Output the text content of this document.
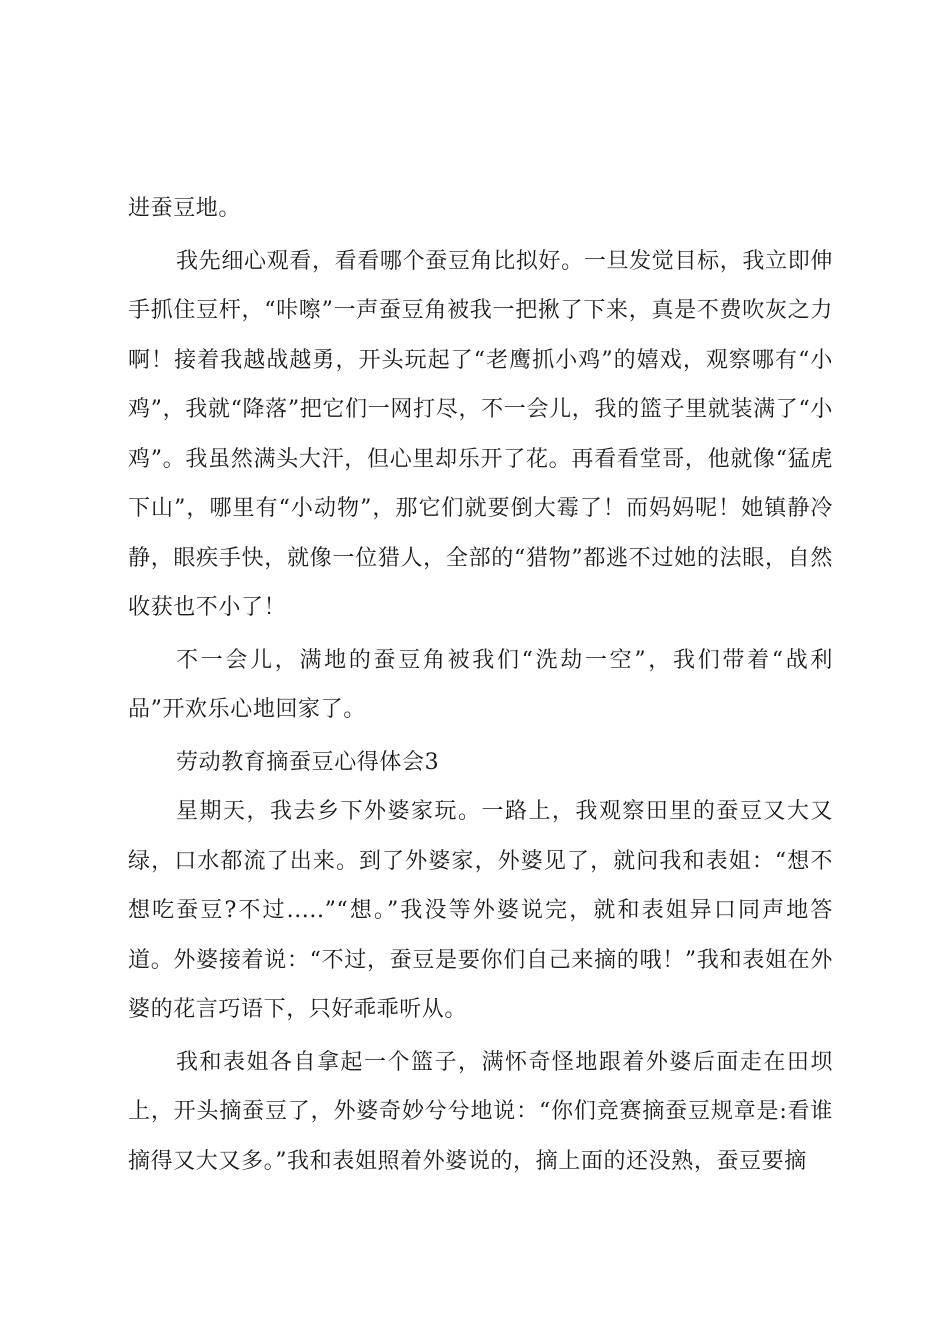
进蚕豆地。

我先细心观看，看看哪个蚕豆角比拟好。一旦发觉目标，我立即伸手抓住豆杆，“咔嚓”一声蚕豆角被我一把揪了下来，真是不费吹灰之力啊！接着我越战越勇，开头玩起了“老鹰抓小鸡”的嬉戏，观察哪有“小鸡”，我就“降落”把它们一网打尽，不一会儿，我的篮子里就装满了“小鸡”。我虽然满头大汗，但心里却乐开了花。再看看堂哥，他就像“猛虎下山”，哪里有“小动物”，那它们就要倒大霉了！而妈妈呢！她镇静冷静，眼疾手快，就像一位猎人，全部的“猎物”都逃不过她的法眼，自然收获也不小了！

不一会儿，满地的蚕豆角被我们“洗劫一空”，我们带着“战利品”开欢乐心地回家了。

劳动教育摘蚕豆心得体会3

星期天，我去乡下外婆家玩。一路上，我观察田里的蚕豆又大又绿，口水都流了出来。到了外婆家，外婆见了，就问我和表姐：“想不想吃蚕豆?不过.....”“想。”我没等外婆说完，就和表姐异口同声地答道。外婆接着说：“不过，蚕豆是要你们自己来摘的哦！”我和表姐在外婆的花言巧语下，只好乖乖听从。

我和表姐各自拿起一个篮子，满怀奇怪地跟着外婆后面走在田坝上，开头摘蚕豆了，外婆奇妙兮兮地说：“你们竞赛摘蚕豆规章是:看谁摘得又大又多。”我和表姐照着外婆说的，摘上面的还没熟，蚕豆要摘
